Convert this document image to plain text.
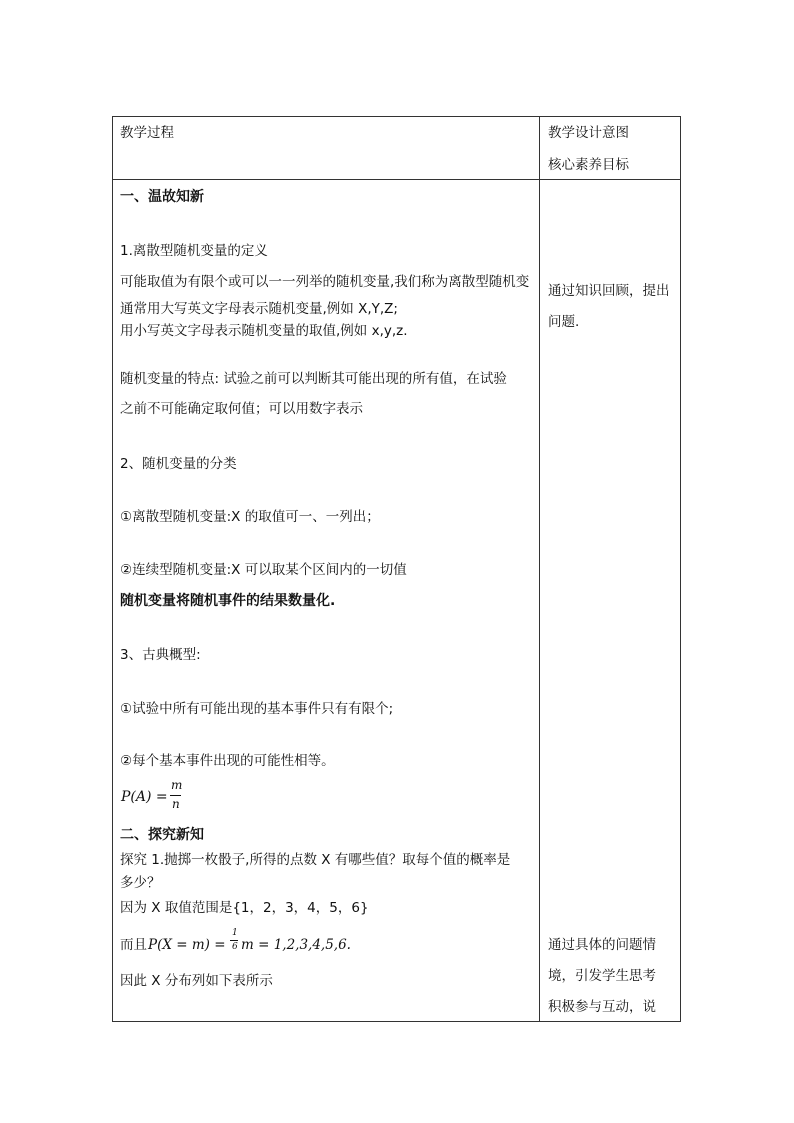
教学过程	教学设计意图
核心素养目标
一、温故知新
1.离散型随机变量的定义
可能取值为有限个或可以一一列举的随机变量,我们称为离散型随机变
通常用大写英文字母表示随机变量,例如 X,Y,Z;
用小写英文字母表示随机变量的取值,例如 x,y,z.
随机变量的特点: 试验之前可以判断其可能出现的所有值，在试验
之前不可能确定取何值；可以用数字表示
2、随机变量的分类
①离散型随机变量:X 的取值可一、一列出；
②连续型随机变量:X 可以取某个区间内的一切值
随机变量将随机事件的结果数量化.
3、古典概型:
①试验中所有可能出现的基本事件只有有限个;
②每个基本事件出现的可能性相等。
P(A) =
m
n
二、探究新知
探究 1.抛掷一枚骰子,所得的点数 X 有哪些值？取每个值的概率是
多少？
因为 X 取值范围是{1，2，3，4，5，6}
而且 P(X = m) =
1
6 m = 1,2,3,4,5,6.
因此 X 分布列如下表所示
通过知识回顾，提出
问题.
通过具体的问题情
境，引发学生思考
积极参与互动，说
